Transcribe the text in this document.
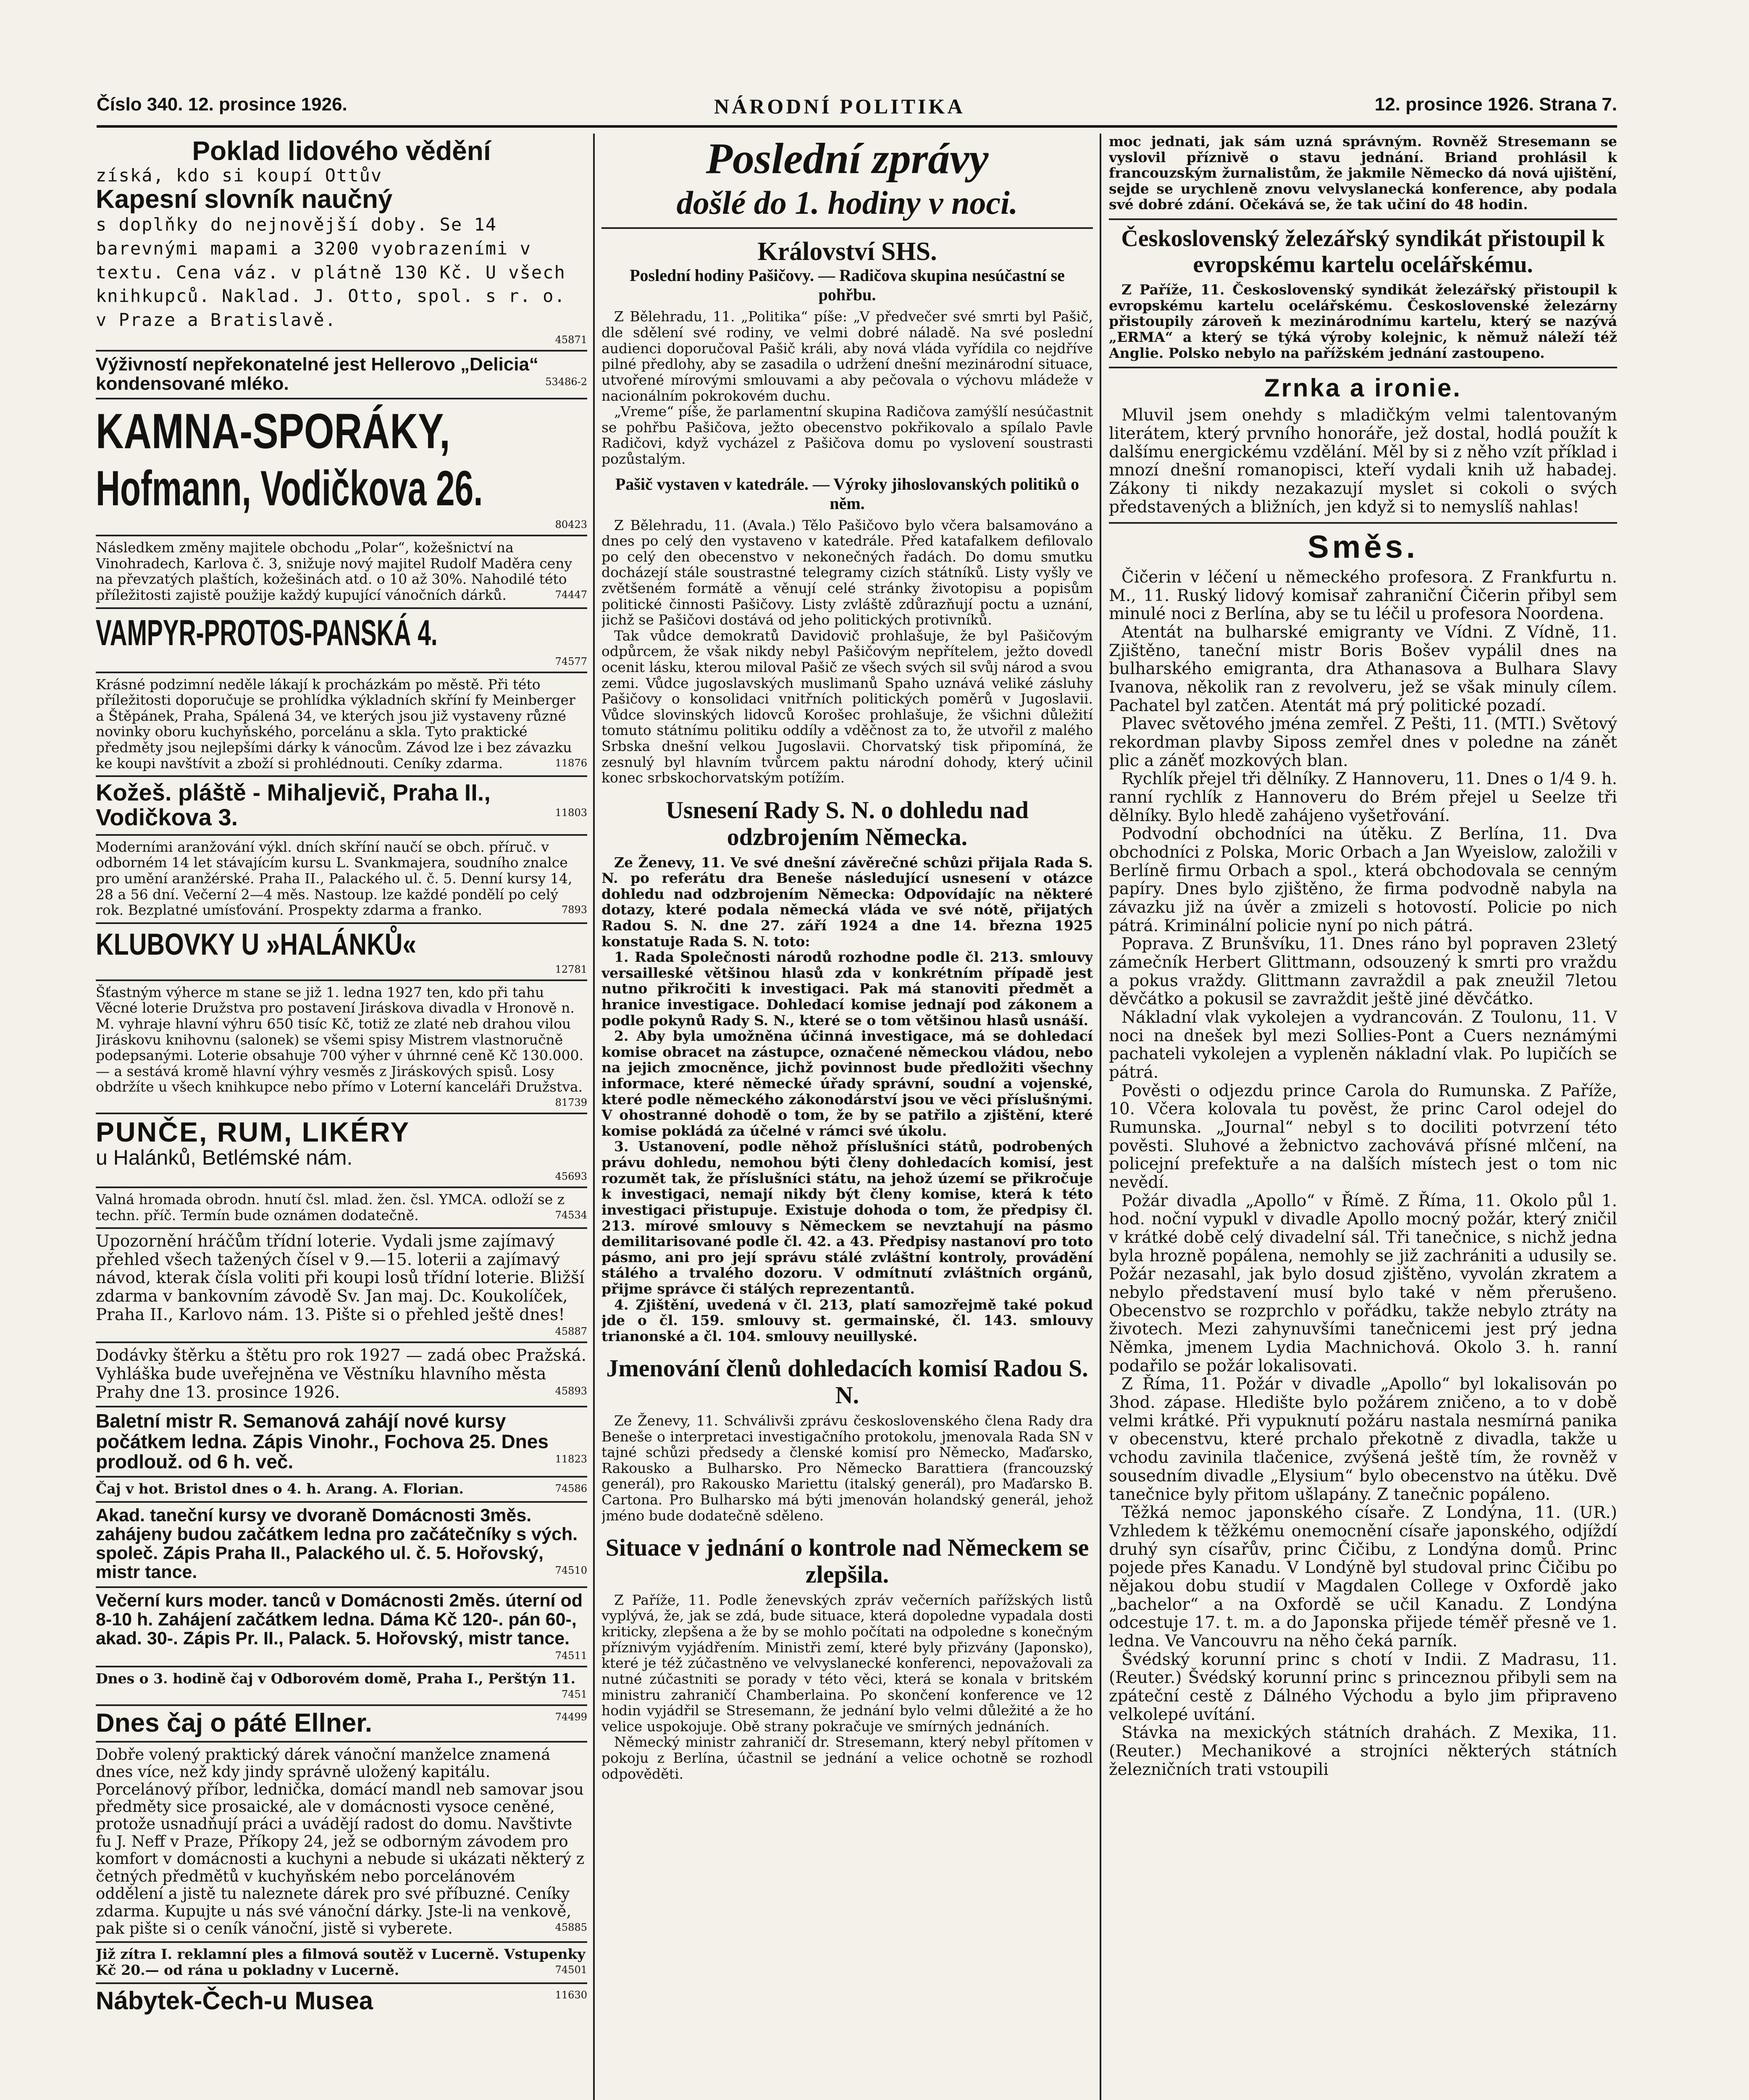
Číslo 340. 12. prosince 1926.	NÁRODNÍ POLITIKA	12. prosince 1926. Strana 7.
Poklad lidového vědění
získá, kdo si koupí Ottův
Kapesní slovník naučný
s doplňky do nejnovější doby. Se 14 barevnými mapami a 3200 vyobrazeními v textu. Cena váz. v plátně 130 Kč. U všech knihkupců. Naklad. J. Otto, spol. s r. o. v Praze a Bratislavě.
45871
Výživností nepřekonatelné jest Hellerovo „Delicia“ kondensované mléko.	53486-2
KAMNA-SPORÁKY,
Hofmann, Vodičkova 26.
80423
Následkem změny majitele obchodu „Polar“, kožešnictví na Vinohradech, Karlova č. 3, snižuje nový majitel Rudolf Maděra ceny na převzatých plaštích, kožešinách atd. o 10 až 30%. Nahodilé této příležitosti zajistě použije každý kupující vánočních dárků.	74447
VAMPYR-PROTOS-PANSKÁ 4.
74577
Krásné podzimní neděle lákají k procházkám po městě. Při této příležitosti doporučuje se prohlídka výkladních skříní fy Meinberger a Štěpánek, Praha, Spálená 34, ve kterých jsou již vystaveny různé novinky oboru kuchyňského, porcelánu a skla. Tyto praktické předměty jsou nejlepšími dárky k vánocům. Závod lze i bez závazku ke koupi navštívit a zboží si prohlédnouti. Ceníky zdarma.	11876
Kožeš. pláště - Mihaljevič, Praha II., Vodičkova 3.	11803
Moderními aranžování výkl. dních skříní naučí se obch. příruč. v odborném 14 let stávajícím kursu L. Svankmajera, soudního znalce pro umění aranžérské. Praha II., Palackého ul. č. 5. Denní kursy 14, 28 a 56 dní. Večerní 2—4 měs. Nastoup. lze každé pondělí po celý rok. Bezplatné umísťování. Prospekty zdarma a franko.	7893
KLUBOVKY U »HALÁNKŮ«
12781
Šťastným výherce m stane se již 1. ledna 1927 ten, kdo při tahu Věcné loterie Družstva pro postavení Jiráskova divadla v Hronově n. M. vyhraje hlavní výhru 650 tisíc Kč, totiž ze zlaté neb drahou vilou Jiráskovu knihovnu (salonek) se všemi spisy Mistrem vlastnoručně podepsanými. Loterie obsahuje 700 výher v úhrnné ceně Kč 130.000.— a sestává kromě hlavní výhry vesměs z Jiráskových spisů. Losy obdržíte u všech knihkupce nebo přímo v Loterní kanceláři Družstva.
81739
PUNČE, RUM, LIKÉRY
u Halánků, Betlémské nám.
45693
Valná hromada obrodn. hnutí čsl. mlad. žen. čsl. YMCA. odloží se z techn. příč. Termín bude oznámen dodatečně.	74534
Upozornění hráčům třídní loterie. Vydali jsme zajímavý přehled všech tažených čísel v 9.—15. loterii a zajímavý návod, kterak čísla voliti při koupi losů třídní loterie. Bližší zdarma v bankovním závodě Sv. Jan maj. Dc. Koukolíček, Praha II., Karlovo nám. 13. Pište si o přehled ještě dnes!
45887
Dodávky štěrku a štětu pro rok 1927 — zadá obec Pražská. Vyhláška bude uveřejněna ve Věstníku hlavního města Prahy dne 13. prosince 1926.	45893
Baletní mistr R. Semanová zahájí nové kursy počátkem ledna. Zápis Vinohr., Fochova 25. Dnes prodlouž. od 6 h. več.	11823
Čaj v hot. Bristol dnes o 4. h. Arang. A. Florian.	74586
Akad. taneční kursy ve dvoraně Domácnosti 3měs. zahájeny budou začátkem ledna pro začátečníky s vých. společ. Zápis Praha II., Palackého ul. č. 5. Hořovský, mistr tance.	74510
Večerní kurs moder. tanců v Domácnosti 2měs. úterní od 8-10 h. Zahájení začátkem ledna. Dáma Kč 120-. pán 60-, akad. 30-. Zápis Pr. II., Palack. 5. Hořovský, mistr tance.
74511
Dnes o 3. hodině čaj v Odborovém domě, Praha I., Perštýn 11.
7451
Dnes čaj o páté Ellner.	74499
Dobře volený praktický dárek vánoční manželce znamená dnes více, než kdy jindy správně uložený kapitálu. Porcelánový příbor, lednička, domácí mandl neb samovar jsou předměty sice prosaické, ale v domácnosti vysoce ceněné, protože usnadňují práci a uvádějí radost do domu. Navštivte fu J. Neff v Praze, Příkopy 24, jež se odborným závodem pro komfort v domácnosti a kuchyni a nebude si ukázati některý z četných předmětů v kuchyňském nebo porcelánovém oddělení a jistě tu naleznete dárek pro své příbuzné. Ceníky zdarma. Kupujte u nás své vánoční dárky. Jste-li na venkově, pak pište si o ceník vánoční, jistě si vyberete.	45885
Již zítra I. reklamní ples a filmová soutěž v Lucerně. Vstupenky Kč 20.— od rána u pokladny v Lucerně.	74501
Nábytek-Čech-u Musea	11630
Poslední zprávy
došlé do 1. hodiny v noci.
Království SHS.
Poslední hodiny Pašičovy. — Radičova skupina nesúčastní se pohřbu.

Z Bělehradu, 11. „Politika“ píše: „V předvečer své smrti byl Pašič, dle sdělení své rodiny, ve velmi dobré náladě. Na své poslední audienci doporučoval Pašič králi, aby nová vláda vyřídila co nejdříve pilné předlohy, aby se zasadila o udržení dnešní mezinárodní situace, utvořené mírovými smlouvami a aby pečovala o výchovu mládeže v nacionálním pokrokovém duchu.

„Vreme“ píše, že parlamentní skupina Radičova zamýšlí nesúčastnit se pohřbu Pašičova, ježto obecenstvo pokřikovalo a spílalo Pavle Radičovi, když vycházel z Pašičova domu po vyslovení soustrasti pozůstalým.

Pašič vystaven v katedrále. — Výroky jihoslovanských politiků o něm.

Z Bělehradu, 11. (Avala.) Tělo Pašičovo bylo včera balsamováno a dnes po celý den vystaveno v katedrále. Před katafalkem defilovalo po celý den obecenstvo v nekonečných řadách. Do domu smutku docházejí stále soustrastné telegramy cizích státníků. Listy vyšly ve zvětšeném formátě a věnují celé stránky životopisu a popisům politické činnosti Pašičovy. Listy zvláště zdůrazňují poctu a uznání, jichž se Pašičovi dostává od jeho politických protivníků.

Tak vůdce demokratů Davidovič prohlašuje, že byl Pašičovým odpůrcem, že však nikdy nebyl Pašičovým nepřítelem, ježto dovedl ocenit lásku, kterou miloval Pašič ze všech svých sil svůj národ a svou zemi. Vůdce jugoslavských muslimanů Spaho uznává veliké zásluhy Pašičovy o konsolidaci vnitřních politických poměrů v Jugoslavii. Vůdce slovinských lidovců Korošec prohlašuje, že všichni důležití tomuto státnímu politiku oddíly a vděčnost za to, že utvořil z malého Srbska dnešní velkou Jugoslavii. Chorvatský tisk připomíná, že zesnulý byl hlavním tvůrcem paktu národní dohody, který učinil konec srbskochorvatským potížím.

Usnesení Rady S. N. o dohledu nad odzbrojením Německa.

Ze Ženevy, 11. Ve své dnešní závěrečné schůzi přijala Rada S. N. po referátu dra Beneše následující usnesení v otázce dohledu nad odzbrojením Německa: Odpovídajíc na některé dotazy, které podala německá vláda ve své nótě, přijatých Radou S. N. dne 27. září 1924 a dne 14. března 1925 konstatuje Rada S. N. toto:

1. Rada Společnosti národů rozhodne podle čl. 213. smlouvy versailleské většinou hlasů zda v konkrétním případě jest nutno přikročiti k investigaci. Pak má stanoviti předmět a hranice investigace. Dohledací komise jednají pod zákonem a podle pokynů Rady S. N., které se o tom většinou hlasů usnáší.

2. Aby byla umožněna účinná investigace, má se dohledací komise obracet na zástupce, označené německou vládou, nebo na jejich zmocněnce, jichž povinnost bude předložiti všechny informace, které německé úřady správní, soudní a vojenské, které podle německého zákonodárství jsou ve věci příslušnými. V ohostranné dohodě o tom, že by se patřilo a zjištění, které komise pokládá za účelné v rámci své úkolu.

3. Ustanovení, podle něhož příslušníci států, podrobených právu dohledu, nemohou býti členy dohledacích komisí, jest rozumět tak, že příslušníci státu, na jehož území se přikročuje k investigaci, nemají nikdy být členy komise, která k této investigaci přistupuje. Existuje dohoda o tom, že předpisy čl. 213. mírové smlouvy s Německem se nevztahují na pásmo demilitarisované podle čl. 42. a 43. Předpisy nastanoví pro toto pásmo, ani pro její správu stálé zvláštní kontroly, provádění stálého a trvalého dozoru. V odmítnutí zvláštních orgánů, přijme správce či stálých reprezentantů.

4. Zjištění, uvedená v čl. 213, platí samozřejmě také pokud jde o čl. 159. smlouvy st. germainské, čl. 143. smlouvy trianonské a čl. 104. smlouvy neuillyské.

Jmenování členů dohledacích komisí Radou S. N.

Ze Ženevy, 11. Schválivši zprávu československého člena Rady dra Beneše o interpretaci investigačního protokolu, jmenovala Rada SN v tajné schůzi předsedy a členské komisí pro Německo, Maďarsko, Rakousko a Bulharsko. Pro Německo Barattiera (francouzský generál), pro Rakousko Mariettu (italský generál), pro Maďarsko B. Cartona. Pro Bulharsko má býti jmenován holandský generál, jehož jméno bude dodatečně sděleno.

Situace v jednání o kontrole nad Německem se zlepšila.

Z Paříže, 11. Podle ženevských zpráv večerních pařížských listů vyplývá, že, jak se zdá, bude situace, která dopoledne vypadala dosti kriticky, zlepšena a že by se mohlo počítati na odpoledne s konečným příznivým vyjádřením. Ministři zemí, které byly přizvány (Japonsko), které je též zúčastněno ve velvyslanecké konferenci, nepovažovali za nutné zúčastniti se porady v této věci, která se konala v britském ministru zahraničí Chamberlaina. Po skončení konference ve 12 hodin vyjádřil se Stresemann, že jednání bylo velmi důležité a že ho velice uspokojuje. Obě strany pokračuje ve smírných jednáních.

Německý ministr zahraničí dr. Stresemann, který nebyl přítomen v pokoju z Berlína, účastnil se jednání a velice ochotně se rozhodl odpověděti.

moc jednati, jak sám uzná správným. Rovněž Stresemann se vyslovil příznivě o stavu jednání. Briand prohlásil k francouzským žurnalistům, že jakmile Německo dá nová ujištění, sejde se urychleně znovu velvyslanecká konference, aby podala své dobré zdání. Očekává se, že tak učiní do 48 hodin.

Československý železářský syndikát přistoupil k evropskému kartelu ocelářskému.

Z Paříže, 11. Československý syndikát železářský přistoupil k evropskému kartelu ocelářskému. Československé železárny přistoupily zároveň k mezinárodnímu kartelu, který se nazývá „ERMA“ a který se týká výroby kolejnic, k němuž náleží též Anglie. Polsko nebylo na pařížském jednání zastoupeno.

Zrnka a ironie.

Mluvil jsem onehdy s mladičkým velmi talentovaným literátem, který prvního honoráře, jež dostal, hodlá použít k dalšímu energickému vzdělání. Měl by si z něho vzít příklad i mnozí dnešní romanopisci, kteří vydali knih už habadej. Zákony ti nikdy nezakazují myslet si cokoli o svých představených a bližních, jen když si to nemyslíš nahlas!

Směs.

Čičerin v léčení u německého profesora. Z Frankfurtu n. M., 11. Ruský lidový komisař zahraniční Čičerin přibyl sem minulé noci z Berlína, aby se tu léčil u profesora Noordena.

Atentát na bulharské emigranty ve Vídni. Z Vídně, 11. Zjištěno, taneční mistr Boris Bošev vypálil dnes na bulharského emigranta, dra Athanasova a Bulhara Slavy Ivanova, několik ran z revolveru, jež se však minuly cílem. Pachatel byl zatčen. Atentát má prý politické pozadí.

Plavec světového jména zemřel. Z Pešti, 11. (MTI.) Světový rekordman plavby Siposs zemřel dnes v poledne na zánět plic a záněť mozkových blan.

Rychlík přejel tři dělníky. Z Hannoveru, 11. Dnes o 1/4 9. h. ranní rychlík z Hannoveru do Brém přejel u Seelze tři dělníky. Bylo hledě zahájeno vyšetřování.

Podvodní obchodníci na útěku. Z Berlína, 11. Dva obchodníci z Polska, Moric Orbach a Jan Wyeislow, založili v Berlíně firmu Orbach a spol., která obchodovala se cenným papíry. Dnes bylo zjištěno, že firma podvodně nabyla na závazku již na úvěr a zmizeli s hotovostí. Policie po nich pátrá. Kriminální policie nyní po nich pátrá.

Poprava. Z Brunšvíku, 11. Dnes ráno byl popraven 23letý zámečník Herbert Glittmann, odsouzený k smrti pro vraždu a pokus vraždy. Glittmann zavraždil a pak zneužil 7letou děvčátko a pokusil se zavraždit ještě jiné děvčátko.

Nákladní vlak vykolejen a vydrancován. Z Toulonu, 11. V noci na dnešek byl mezi Sollies-Pont a Cuers neznámými pachateli vykolejen a vypleněn nákladní vlak. Po lupičích se pátrá.

Pověsti o odjezdu prince Carola do Rumunska. Z Paříže, 10. Včera kolovala tu pověst, že princ Carol odejel do Rumunska. „Journal“ nebyl s to dociliti potvrzení této pověsti. Sluhové a žebnictvo zachovává přísné mlčení, na policejní prefektuře a na dalších místech jest o tom nic nevědí.

Požár divadla „Apollo“ v Římě. Z Říma, 11. Okolo půl 1. hod. noční vypukl v divadle Apollo mocný požár, který zničil v krátké době celý divadelní sál. Tři tanečnice, s nichž jedna byla hrozně popálena, nemohly se již zachrániti a udusily se. Požár nezasahl, jak bylo dosud zjištěno, vyvolán zkratem a nebylo představení musí bylo také v něm přerušeno. Obecenstvo se rozprchlo v pořádku, takže nebylo ztráty na životech. Mezi zahynuvšími tanečnicemi jest prý jedna Němka, jmenem Lydia Machnichová. Okolo 3. h. ranní podařilo se požár lokalisovati.

Z Říma, 11. Požár v divadle „Apollo“ byl lokalisován po 3hod. zápase. Hledište bylo požárem zničeno, a to v době velmi krátké. Při vypuknutí požáru nastala nesmírná panika v obecenstvu, které prchalo překotně z divadla, takže u vchodu zavinila tlačenice, zvýšená ještě tím, že rovněž v sousedním divadle „Elysium“ bylo obecenstvo na útěku. Dvě tanečnice byly přitom ušlapány. Z tanečnic popáleno.

Těžká nemoc japonského císaře. Z Londýna, 11. (UR.) Vzhledem k těžkému onemocnění císaře japonského, odjíždí druhý syn císařův, princ Čičibu, z Londýna domů. Princ pojede přes Kanadu. V Londýně byl studoval princ Čičibu po nějakou dobu studií v Magdalen College v Oxfordě jako „bachelor“ a na Oxfordě se učil Kanadu. Z Londýna odcestuje 17. t. m. a do Japonska přijede téměř přesně ve 1. ledna. Ve Vancouvru na něho čeká parník.

Švédský korunní princ s chotí v Indii. Z Madrasu, 11. (Reuter.) Švédský korunní princ s princeznou přibyli sem na zpáteční cestě z Dálného Východu a bylo jim připraveno velkolepé uvítání.

Stávka na mexických státních drahách. Z Mexika, 11. (Reuter.) Mechanikové a strojníci některých státních železničních trati vstoupili
